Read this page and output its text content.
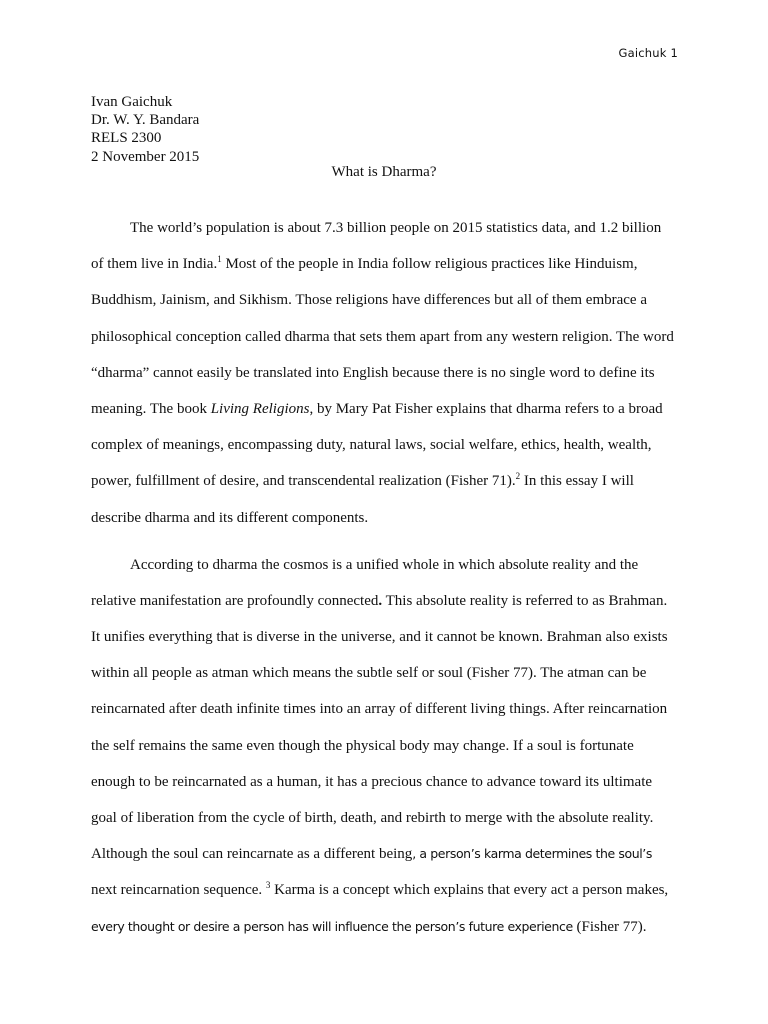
Gaichuk 1
Ivan Gaichuk
Dr. W. Y. Bandara
RELS 2300
2 November 2015
What is Dharma?
The world’s population is about 7.3 billion people on 2015 statistics data, and 1.2 billion
of them live in India.$^1$ Most of the people in India follow religious practices like Hinduism,
Buddhism, Jainism, and Sikhism. Those religions have differences but all of them embrace a
philosophical conception called dharma that sets them apart from any western religion. The word
“dharma” cannot easily be translated into English because there is no single word to define its
meaning. The book Living Religions, by Mary Pat Fisher explains that dharma refers to a broad
complex of meanings, encompassing duty, natural laws, social welfare, ethics, health, wealth,
power, fulfillment of desire, and transcendental realization (Fisher 71).$^2$ In this essay I will
describe dharma and its different components.
According to dharma the cosmos is a unified whole in which absolute reality and the
relative manifestation are profoundly connected. This absolute reality is referred to as Brahman.
It unifies everything that is diverse in the universe, and it cannot be known. Brahman also exists
within all people as atman which means the subtle self or soul (Fisher 77). The atman can be
reincarnated after death infinite times into an array of different living things. After reincarnation
the self remains the same even though the physical body may change. If a soul is fortunate
enough to be reincarnated as a human, it has a precious chance to advance toward its ultimate
goal of liberation from the cycle of birth, death, and rebirth to merge with the absolute reality.
Although the soul can reincarnate as a different being, a person’s karma determines the soul’s
next reincarnation sequence. $^3$ Karma is a concept which explains that every act a person makes,
every thought or desire a person has will influence the person’s future experience (Fisher 77).
